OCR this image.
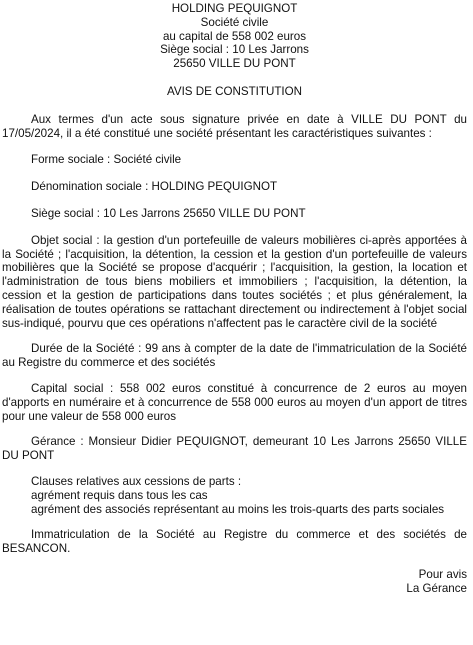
HOLDING PEQUIGNOT
Société civile
au capital de 558 002 euros
Siège social : 10 Les Jarrons
25650 VILLE DU PONT
AVIS DE CONSTITUTION

Aux termes d'un acte sous signature privée en date à VILLE DU PONT du 17/05/2024, il a été constitué une société présentant les caractéristiques suivantes :

Forme sociale : Société civile

Dénomination sociale : HOLDING PEQUIGNOT

Siège social : 10 Les Jarrons 25650 VILLE DU PONT

Objet social : la gestion d'un portefeuille de valeurs mobilières ci-après apportées à la Société ; l'acquisition, la détention, la cession et la gestion d'un portefeuille de valeurs mobilières que la Société se propose d'acquérir ; l'acquisition, la gestion, la location et l'administration de tous biens mobiliers et immobiliers ; l'acquisition, la détention, la cession et la gestion de participations dans toutes sociétés ; et plus généralement, la réalisation de toutes opérations se rattachant directement ou indirectement à l'objet social sus-indiqué, pourvu que ces opérations n'affectent pas le caractère civil de la société

Durée de la Société : 99 ans à compter de la date de l'immatriculation de la Société au Registre du commerce et des sociétés

Capital social : 558 002 euros constitué à concurrence de 2 euros au moyen d'apports en numéraire et à concurrence de 558 000 euros au moyen d'un apport de titres pour une valeur de 558 000 euros

Gérance : Monsieur Didier PEQUIGNOT, demeurant 10 Les Jarrons 25650 VILLE DU PONT

Clauses relatives aux cessions de parts :
agrément requis dans tous les cas
agrément des associés représentant au moins les trois-quarts des parts sociales

Immatriculation de la Société au Registre du commerce et des sociétés de BESANCON.

Pour avis
La Gérance
